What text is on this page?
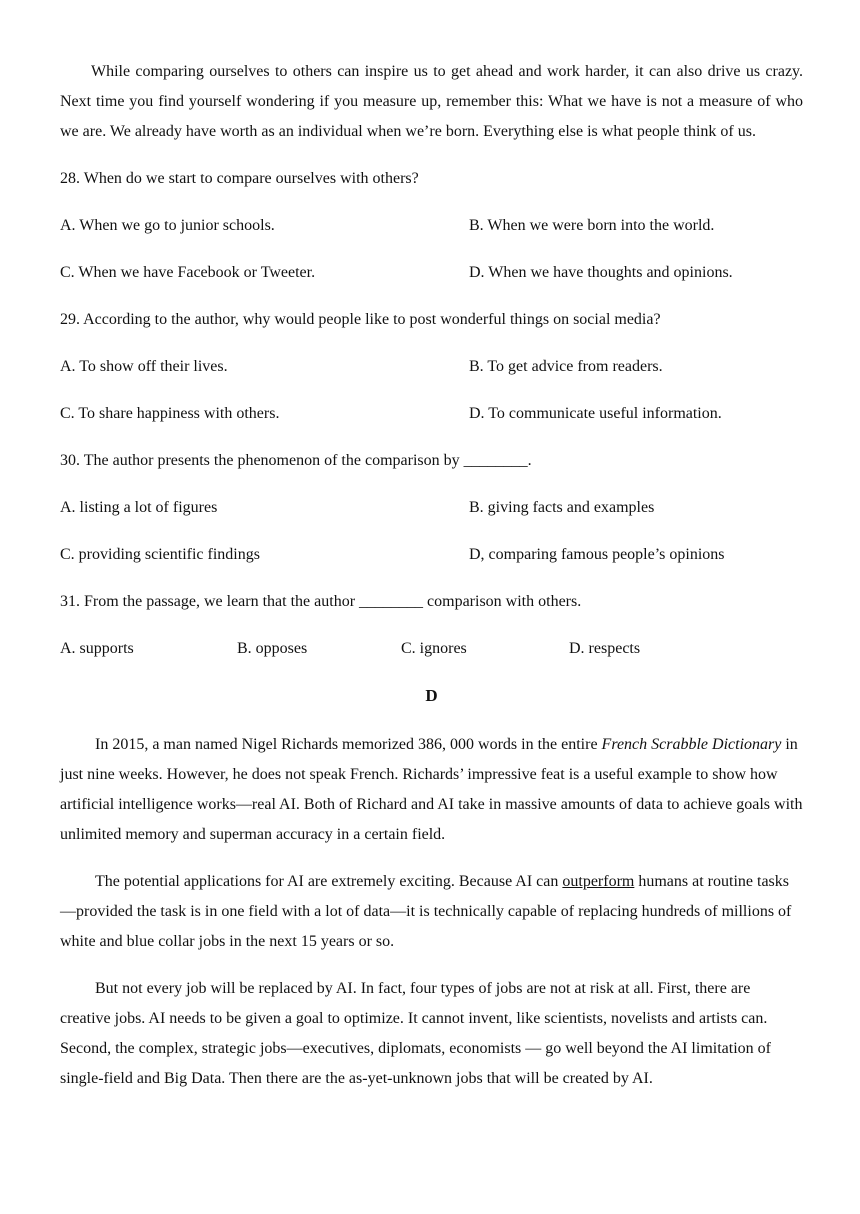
While comparing ourselves to others can inspire us to get ahead and work harder, it can also drive us crazy. Next time you find yourself wondering if you measure up, remember this: What we have is not a measure of who we are. We already have worth as an individual when we’re born. Everything else is what people think of us.

28. When do we start to compare ourselves with others?

A. When we go to junior schools.	B. When we were born into the world.
C. When we have Facebook or Tweeter.	D. When we have thoughts and opinions.

29. According to the author, why would people like to post wonderful things on social media?

A. To show off their lives.	B. To get advice from readers.
C. To share happiness with others.	D. To communicate useful information.

30. The author presents the phenomenon of the comparison by ________.

A. listing a lot of figures	B. giving facts and examples
C. providing scientific findings	D, comparing famous people’s opinions

31. From the passage, we learn that the author ________ comparison with others.

A. supports	B. opposes	C. ignores	D. respects
D

In 2015, a man named Nigel Richards memorized 386, 000 words in the entire French Scrabble Dictionary in just nine weeks. However, he does not speak French. Richards’ impressive feat is a useful example to show how artificial intelligence works—real AI. Both of Richard and AI take in massive amounts of data to achieve goals with unlimited memory and superman accuracy in a certain field.

The potential applications for AI are extremely exciting. Because AI can outperform humans at routine tasks—provided the task is in one field with a lot of data—it is technically capable of replacing hundreds of millions of white and blue collar jobs in the next 15 years or so.

But not every job will be replaced by AI. In fact, four types of jobs are not at risk at all. First, there are creative jobs. AI needs to be given a goal to optimize. It cannot invent, like scientists, novelists and artists can. Second, the complex, strategic jobs—executives, diplomats, economists — go well beyond the AI limitation of single-field and Big Data. Then there are the as-yet-unknown jobs that will be created by AI.
